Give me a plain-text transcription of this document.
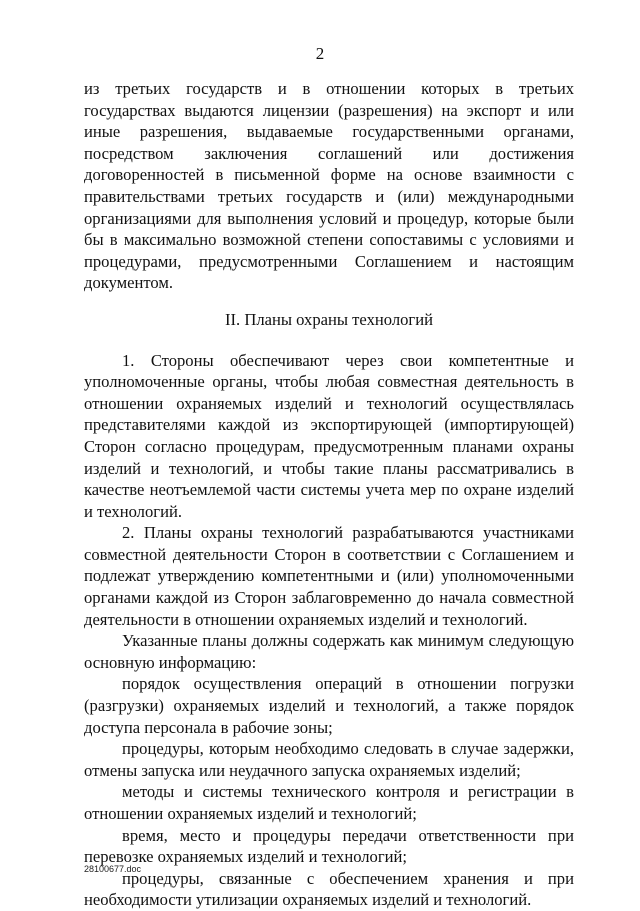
2

из третьих государств и в отношении которых в третьих государствах выдаются лицензии (разрешения) на экспорт и или иные разрешения, выдаваемые государственными органами, посредством заключения соглашений или достижения договоренностей в письменной форме на основе взаимности с правительствами третьих государств и (или) международными организациями для выполнения условий и процедур, которые были бы в максимально возможной степени сопоставимы с условиями и процедурами, предусмотренными Соглашением и настоящим документом.

II. Планы охраны технологий

1. Стороны обеспечивают через свои компетентные и уполномоченные органы, чтобы любая совместная деятельность в отношении охраняемых изделий и технологий осуществлялась представителями каждой из экспортирующей (импортирующей) Сторон согласно процедурам, предусмотренным планами охраны изделий и технологий, и чтобы такие планы рассматривались в качестве неотъемлемой части системы учета мер по охране изделий и технологий.

2. Планы охраны технологий разрабатываются участниками совместной деятельности Сторон в соответствии с Соглашением и подлежат утверждению компетентными и (или) уполномоченными органами каждой из Сторон заблаговременно до начала совместной деятельности в отношении охраняемых изделий и технологий.

Указанные планы должны содержать как минимум следующую основную информацию:

порядок осуществления операций в отношении погрузки (разгрузки) охраняемых изделий и технологий, а также порядок доступа персонала в рабочие зоны;

процедуры, которым необходимо следовать в случае задержки, отмены запуска или неудачного запуска охраняемых изделий;

методы и системы технического контроля и регистрации в отношении охраняемых изделий и технологий;

время, место и процедуры передачи ответственности при перевозке охраняемых изделий и технологий;

процедуры, связанные с обеспечением хранения и при необходимости утилизации охраняемых изделий и технологий.

28100677.doc
